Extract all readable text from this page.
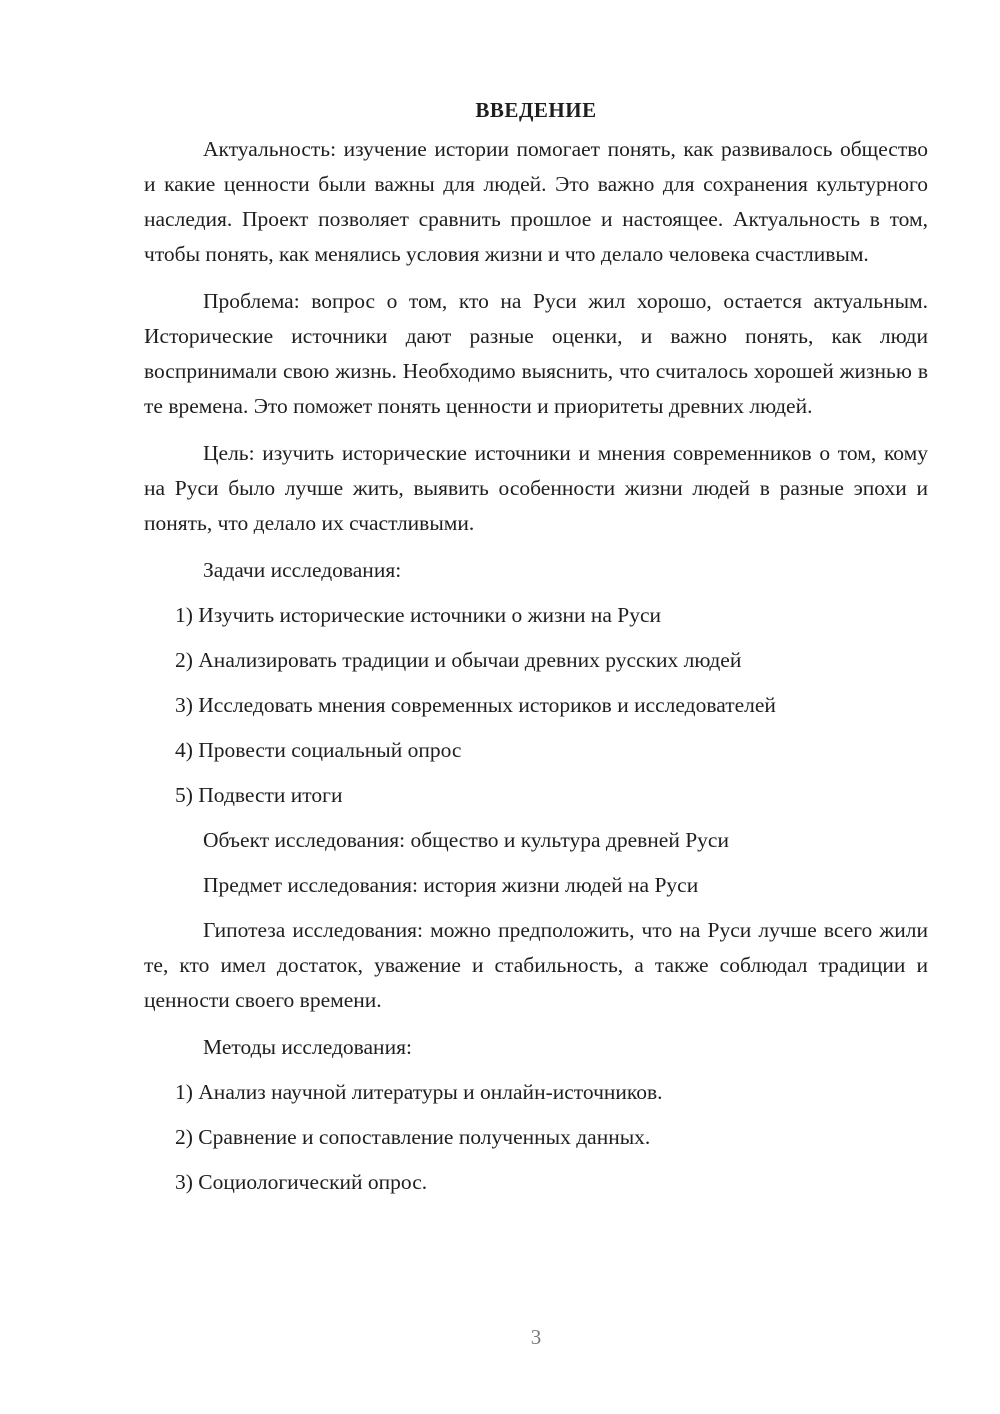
ВВЕДЕНИЕ

Актуальность: изучение истории помогает понять, как развивалось общество и какие ценности были важны для людей. Это важно для сохранения культурного наследия. Проект позволяет сравнить прошлое и настоящее. Актуальность в том, чтобы понять, как менялись условия жизни и что делало человека счастливым.

Проблема: вопрос о том, кто на Руси жил хорошо, остается актуальным. Исторические источники дают разные оценки, и важно понять, как люди воспринимали свою жизнь. Необходимо выяснить, что считалось хорошей жизнью в те времена. Это поможет понять ценности и приоритеты древних людей.

Цель: изучить исторические источники и мнения современников о том, кому на Руси было лучше жить, выявить особенности жизни людей в разные эпохи и понять, что делало их счастливыми.

Задачи исследования:
1) Изучить исторические источники о жизни на Руси
2) Анализировать традиции и обычаи древних русских людей
3) Исследовать мнения современных историков и исследователей
4) Провести социальный опрос
5) Подвести итоги
Объект исследования: общество и культура древней Руси
Предмет исследования: история жизни людей на Руси

Гипотеза исследования: можно предположить, что на Руси лучше всего жили те, кто имел достаток, уважение и стабильность, а также соблюдал традиции и ценности своего времени.

Методы исследования:
1) Анализ научной литературы и онлайн-источников.
2) Сравнение и сопоставление полученных данных.
3) Социологический опрос.
3
